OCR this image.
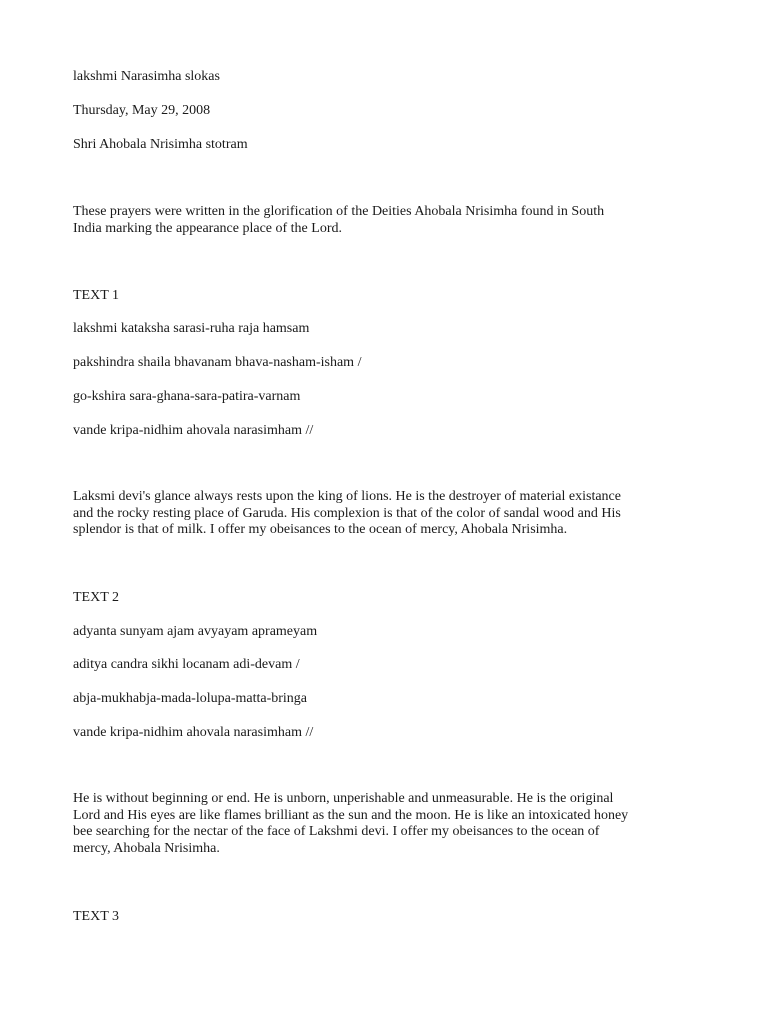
lakshmi Narasimha slokas
Thursday, May 29, 2008
Shri Ahobala Nrisimha stotram
These prayers were written in the glorification of the Deities Ahobala Nrisimha found in South
India marking the appearance place of the Lord.
TEXT 1
lakshmi kataksha sarasi-ruha raja hamsam
pakshindra shaila bhavanam bhava-nasham-isham /
go-kshira sara-ghana-sara-patira-varnam
vande kripa-nidhim ahovala narasimham //
Laksmi devi's glance always rests upon the king of lions. He is the destroyer of material existance
and the rocky resting place of Garuda. His complexion is that of the color of sandal wood and His
splendor is that of milk. I offer my obeisances to the ocean of mercy, Ahobala Nrisimha.
TEXT 2
adyanta sunyam ajam avyayam aprameyam
aditya candra sikhi locanam adi-devam /
abja-mukhabja-mada-lolupa-matta-bringa
vande kripa-nidhim ahovala narasimham //
He is without beginning or end. He is unborn, unperishable and unmeasurable. He is the original
Lord and His eyes are like flames brilliant as the sun and the moon. He is like an intoxicated honey
bee searching for the nectar of the face of Lakshmi devi. I offer my obeisances to the ocean of
mercy, Ahobala Nrisimha.
TEXT 3
